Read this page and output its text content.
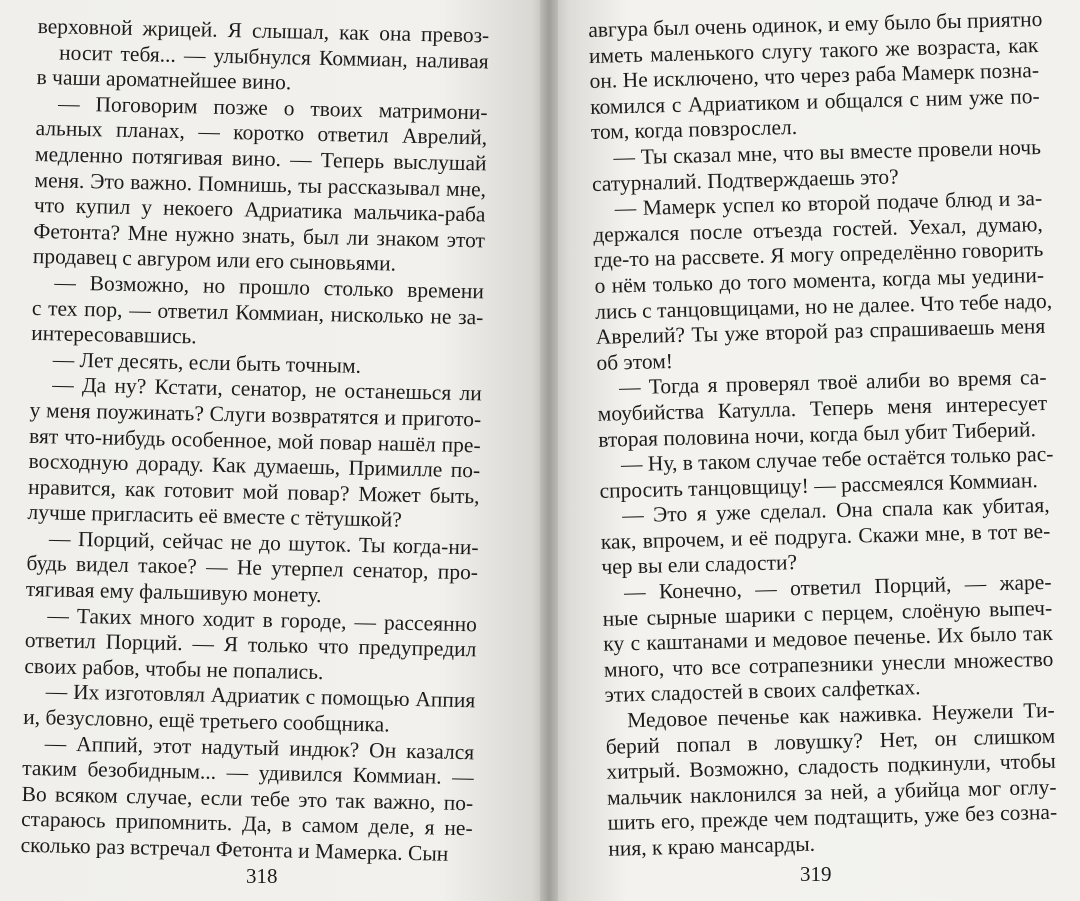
верховной жрицей. Я слышал, как она превоз-
носит тебя... — улыбнулся Коммиан, наливая
в чаши ароматнейшее вино.
— Поговорим позже о твоих матримони-
альных планах, — коротко ответил Аврелий,
медленно потягивая вино. — Теперь выслушай
меня. Это важно. Помнишь, ты рассказывал мне,
что купил у некоего Адриатика мальчика-раба
Фетонта? Мне нужно знать, был ли знаком этот
продавец с авгуром или его сыновьями.
— Возможно, но прошло столько времени
с тех пор, — ответил Коммиан, нисколько не за-
интересовавшись.
— Лет десять, если быть точным.
— Да ну? Кстати, сенатор, не останешься ли
у меня поужинать? Слуги возвратятся и пригото-
вят что-нибудь особенное, мой повар нашёл пре-
восходную дораду. Как думаешь, Примилле по-
нравится, как готовит мой повар? Может быть,
лучше пригласить её вместе с тётушкой?
— Порций, сейчас не до шуток. Ты когда-ни-
будь видел такое? — Не утерпел сенатор, про-
тягивая ему фальшивую монету.
— Таких много ходит в городе, — рассеянно
ответил Порций. — Я только что предупредил
своих рабов, чтобы не попались.
— Их изготовлял Адриатик с помощью Аппия
и, безусловно, ещё третьего сообщника.
— Аппий, этот надутый индюк? Он казался
таким безобидным... — удивился Коммиан. —
Во всяком случае, если тебе это так важно, по-
стараюсь припомнить. Да, в самом деле, я не-
сколько раз встречал Фетонта и Мамерка. Сын
318
авгура был очень одинок, и ему было бы приятно
иметь маленького слугу такого же возраста, как
он. Не исключено, что через раба Мамерк позна-
комился с Адриатиком и общался с ним уже по-
том, когда повзрослел.
— Ты сказал мне, что вы вместе провели ночь
сатурналий. Подтверждаешь это?
— Мамерк успел ко второй подаче блюд и за-
держался после отъезда гостей. Уехал, думаю,
где-то на рассвете. Я могу определённо говорить
о нём только до того момента, когда мы уедини-
лись с танцовщицами, но не далее. Что тебе надо,
Аврелий? Ты уже второй раз спрашиваешь меня
об этом!
— Тогда я проверял твоё алиби во время са-
моубийства Катулла. Теперь меня интересует
вторая половина ночи, когда был убит Тиберий.
— Ну, в таком случае тебе остаётся только рас-
спросить танцовщицу! — рассмеялся Коммиан.
— Это я уже сделал. Она спала как убитая,
как, впрочем, и её подруга. Скажи мне, в тот ве-
чер вы ели сладости?
— Конечно, — ответил Порций, — жаре-
ные сырные шарики с перцем, слоёную выпеч-
ку с каштанами и медовое печенье. Их было так
много, что все сотрапезники унесли множество
этих сладостей в своих салфетках.
Медовое печенье как наживка. Неужели Ти-
берий попал в ловушку? Нет, он слишком
хитрый. Возможно, сладость подкинули, чтобы
мальчик наклонился за ней, а убийца мог оглу-
шить его, прежде чем подтащить, уже без созна-
ния, к краю мансарды.
319
